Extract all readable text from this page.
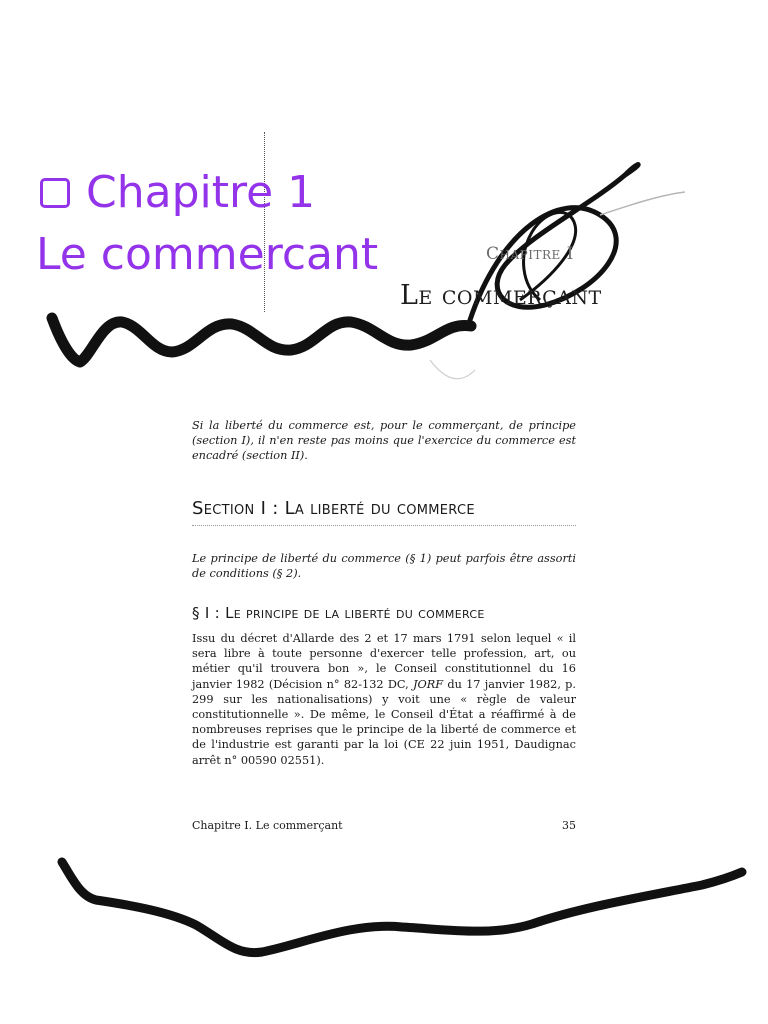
Chapitre 1
Le commercant	Chapitre I
Le commerçant
Si la liberté du commerce est, pour le commerçant, de principe (section I), il n'en reste pas moins que l'exercice du commerce est encadré (section II).
Section I : La liberté du commerce
Le principe de liberté du commerce (§ 1) peut parfois être assorti de conditions (§ 2).
§ I : Le principe de la liberté du commerce
Issu du décret d'Allarde des 2 et 17 mars 1791 selon lequel « il sera libre à toute personne d'exercer telle profession, art, ou métier qu'il trouvera bon », le Conseil constitutionnel du 16 janvier 1982 (Décision n° 82-132 DC, JORF du 17 janvier 1982, p. 299 sur les nationalisations) y voit une « règle de valeur constitutionnelle ». De même, le Conseil d'État a réaffirmé à de nombreuses reprises que le principe de la liberté de commerce et de l'industrie est garanti par la loi (CE 22 juin 1951, Daudignac arrêt n° 00590 02551).
Chapitre I. Le commerçant	35
